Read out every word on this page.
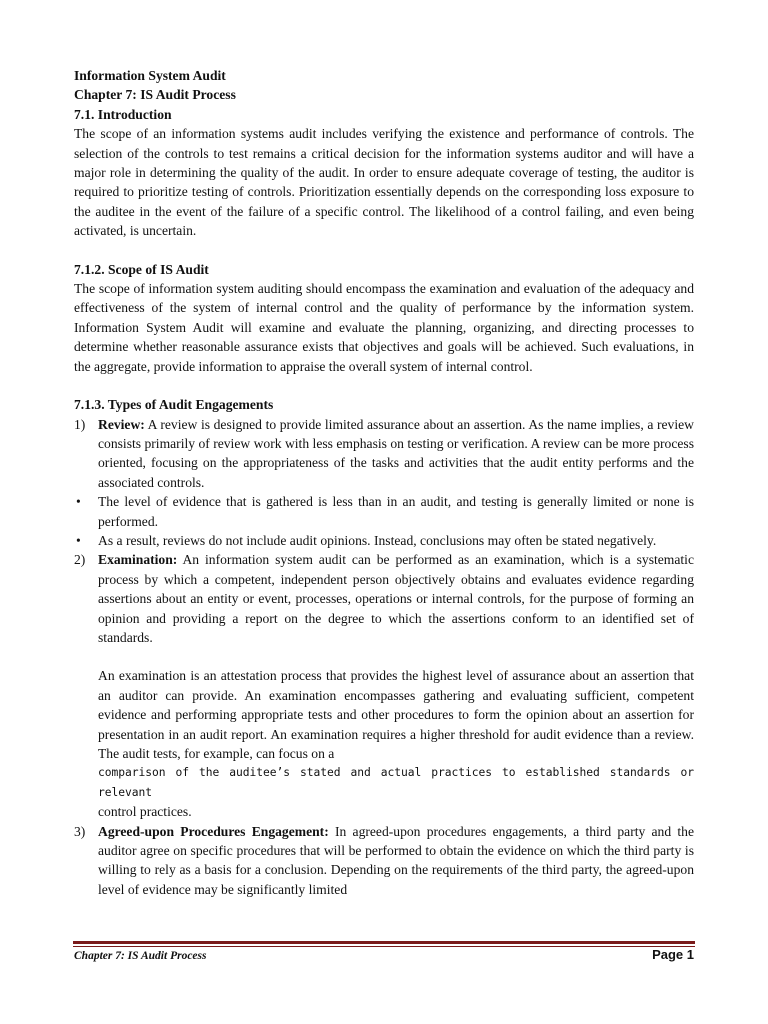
Information System Audit

Chapter 7: IS Audit Process

7.1. Introduction

The scope of an information systems audit includes verifying the existence and performance of controls. The selection of the controls to test remains a critical decision for the information systems auditor and will have a major role in determining the quality of the audit. In order to ensure adequate coverage of testing, the auditor is required to prioritize testing of controls. Prioritization essentially depends on the corresponding loss exposure to the auditee in the event of the failure of a specific control. The likelihood of a control failing, and even being activated, is uncertain.

7.1.2. Scope of IS Audit

The scope of information system auditing should encompass the examination and evaluation of the adequacy and effectiveness of the system of internal control and the quality of performance by the information system. Information System Audit will examine and evaluate the planning, organizing, and directing processes to determine whether reasonable assurance exists that objectives and goals will be achieved. Such evaluations, in the aggregate, provide information to appraise the overall system of internal control.

7.1.3. Types of Audit Engagements

1) Review: A review is designed to provide limited assurance about an assertion. As the name implies, a review consists primarily of review work with less emphasis on testing or verification. A review can be more process oriented, focusing on the appropriateness of the tasks and activities that the audit entity performs and the associated controls.
• The level of evidence that is gathered is less than in an audit, and testing is generally limited or none is performed.
• As a result, reviews do not include audit opinions. Instead, conclusions may often be stated negatively.
2) Examination: An information system audit can be performed as an examination, which is a systematic process by which a competent, independent person objectively obtains and evaluates evidence regarding assertions about an entity or event, processes, operations or internal controls, for the purpose of forming an opinion and providing a report on the degree to which the assertions conform to an identified set of standards.
An examination is an attestation process that provides the highest level of assurance about an assertion that an auditor can provide. An examination encompasses gathering and evaluating sufficient, competent evidence and performing appropriate tests and other procedures to form the opinion about an assertion for presentation in an audit report. An examination requires a higher threshold for audit evidence than a review. The audit tests, for example, can focus on a
comparison of the auditee’s stated and actual practices to established standards or relevant
control practices.
3) Agreed-upon Procedures Engagement: In agreed-upon procedures engagements, a third party and the auditor agree on specific procedures that will be performed to obtain the evidence on which the third party is willing to rely as a basis for a conclusion. Depending on the requirements of the third party, the agreed-upon level of evidence may be significantly limited
Chapter 7: IS Audit Process	Page 1
